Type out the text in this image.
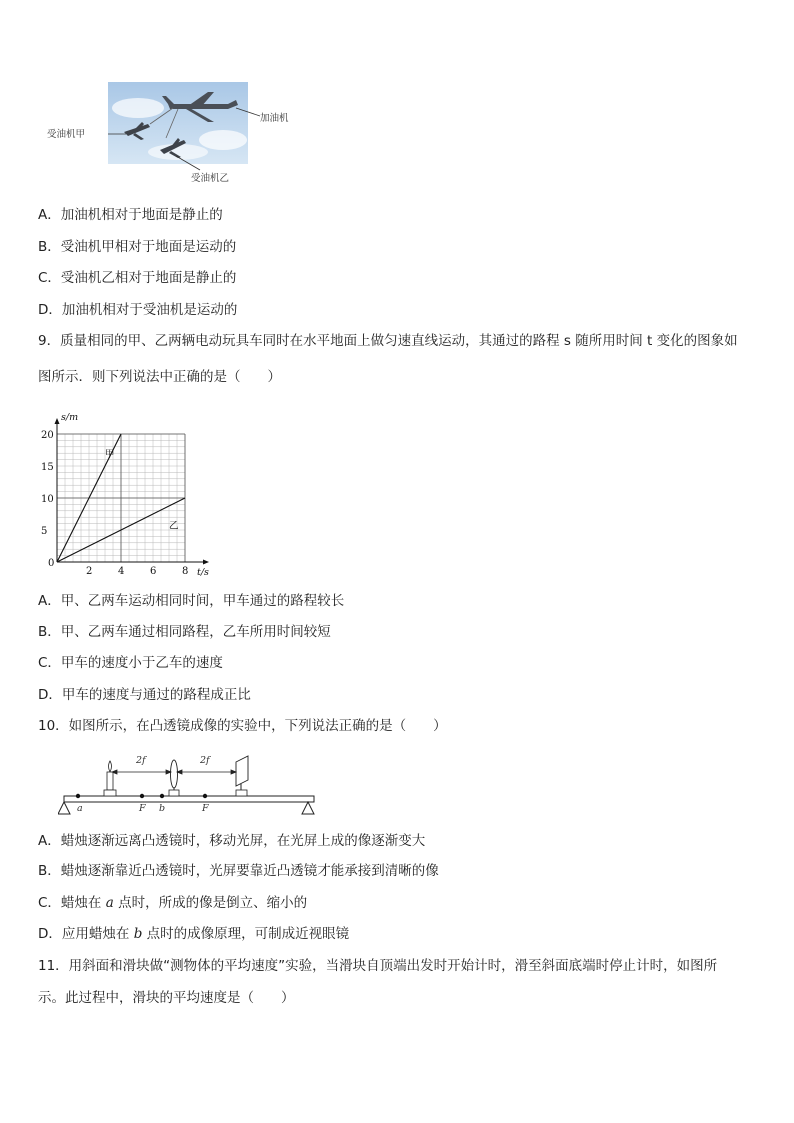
加油机
受油机甲
受油机乙
A．加油机相对于地面是静止的
B．受油机甲相对于地面是运动的
C．受油机乙相对于地面是静止的
D．加油机相对于受油机是运动的
9．质量相同的甲、乙两辆电动玩具车同时在水平地面上做匀速直线运动，其通过的路程 s 随所用时间 t 变化的图象如
图所示．则下列说法中正确的是（　　）
甲
乙
0
2	4	6	8
5
10
15
20
t/s
s/m
A．甲、乙两车运动相同时间，甲车通过的路程较长
B．甲、乙两车通过相同路程，乙车所用时间较短
C．甲车的速度小于乙车的速度
D．甲车的速度与通过的路程成正比
10．如图所示，在凸透镜成像的实验中，下列说法正确的是（　　）
2f	2f
a	F b	F
A．蜡烛逐渐远离凸透镜时，移动光屏，在光屏上成的像逐渐变大
B．蜡烛逐渐靠近凸透镜时，光屏要靠近凸透镜才能承接到清晰的像
C．蜡烛在 a 点时，所成的像是倒立、缩小的
D．应用蜡烛在 b 点时的成像原理，可制成近视眼镜
11．用斜面和滑块做“测物体的平均速度”实验，当滑块自顶端出发时开始计时，滑至斜面底端时停止计时，如图所
示。此过程中，滑块的平均速度是（　　）
